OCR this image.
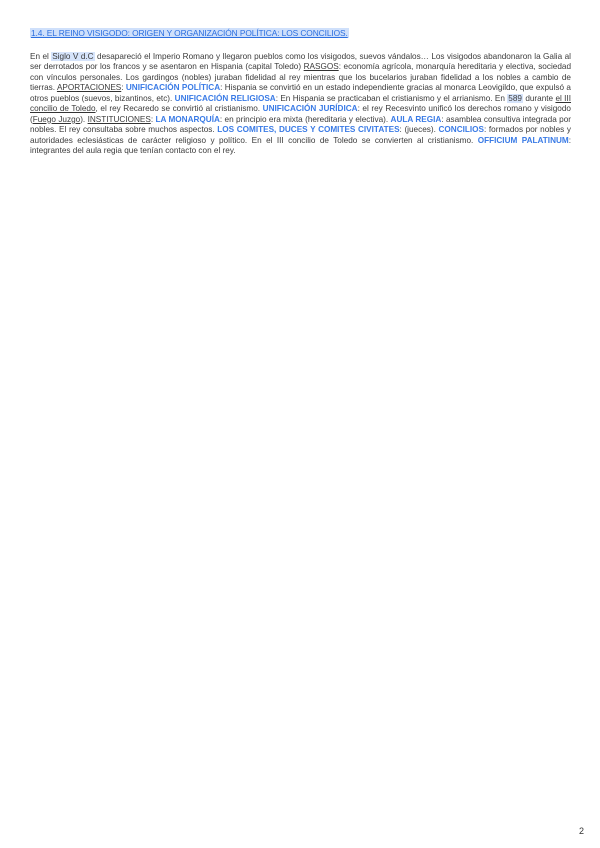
1.4. EL REINO VISIGODO: ORIGEN Y ORGANIZACIÓN POLÍTICA: LOS CONCILIOS.

En el Siglo V d.C desapareció el Imperio Romano y llegaron pueblos como los visigodos, suevos vándalos… Los visigodos abandonaron la Galia al ser derrotados por los francos y se asentaron en Hispania (capital Toledo) RASGOS: economía agrícola, monarquía hereditaria y electiva, sociedad con vínculos personales. Los gardingos (nobles) juraban fidelidad al rey mientras que los bucelarios juraban fidelidad a los nobles a cambio de tierras. APORTACIONES: UNIFICACIÓN POLÍTICA: Hispania se convirtió en un estado independiente gracias al monarca Leovigildo, que expulsó a otros pueblos (suevos, bizantinos, etc). UNIFICACIÓN RELIGIOSA: En Hispania se practicaban el cristianismo y el arrianismo. En 589 durante el III concilio de Toledo, el rey Recaredo se convirtió al cristianismo. UNIFICACIÓN JURÍDICA: el rey Recesvinto unificó los derechos romano y visigodo (Fuego Juzgo). INSTITUCIONES: LA MONARQUÍA: en principio era mixta (hereditaria y electiva). AULA REGIA: asamblea consultiva integrada por nobles. El rey consultaba sobre muchos aspectos. LOS COMITES, DUCES Y COMITES CIVITATES: (jueces). CONCILIOS: formados por nobles y autoridades eclesiásticas de carácter religioso y político. En el III concilio de Toledo se convierten al cristianismo. OFFICIUM PALATINUM: integrantes del aula regia que tenían contacto con el rey.

2
